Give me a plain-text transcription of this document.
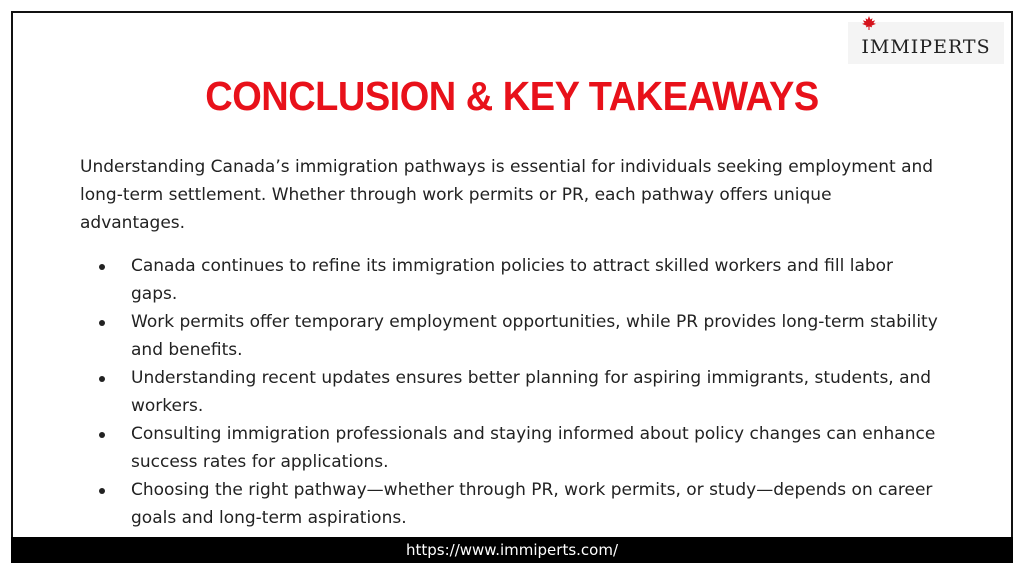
IMMIPERTS
CONCLUSION & KEY TAKEAWAYS

Understanding Canada’s immigration pathways is essential for individuals seeking employment and long-term settlement. Whether through work permits or PR, each pathway offers unique advantages.

Canada continues to refine its immigration policies to attract skilled workers and fill labor gaps.
Work permits offer temporary employment opportunities, while PR provides long-term stability and benefits.
Understanding recent updates ensures better planning for aspiring immigrants, students, and workers.
Consulting immigration professionals and staying informed about policy changes can enhance success rates for applications.
Choosing the right pathway—whether through PR, work permits, or study—depends on career goals and long-term aspirations.
https://www.immiperts.com/
